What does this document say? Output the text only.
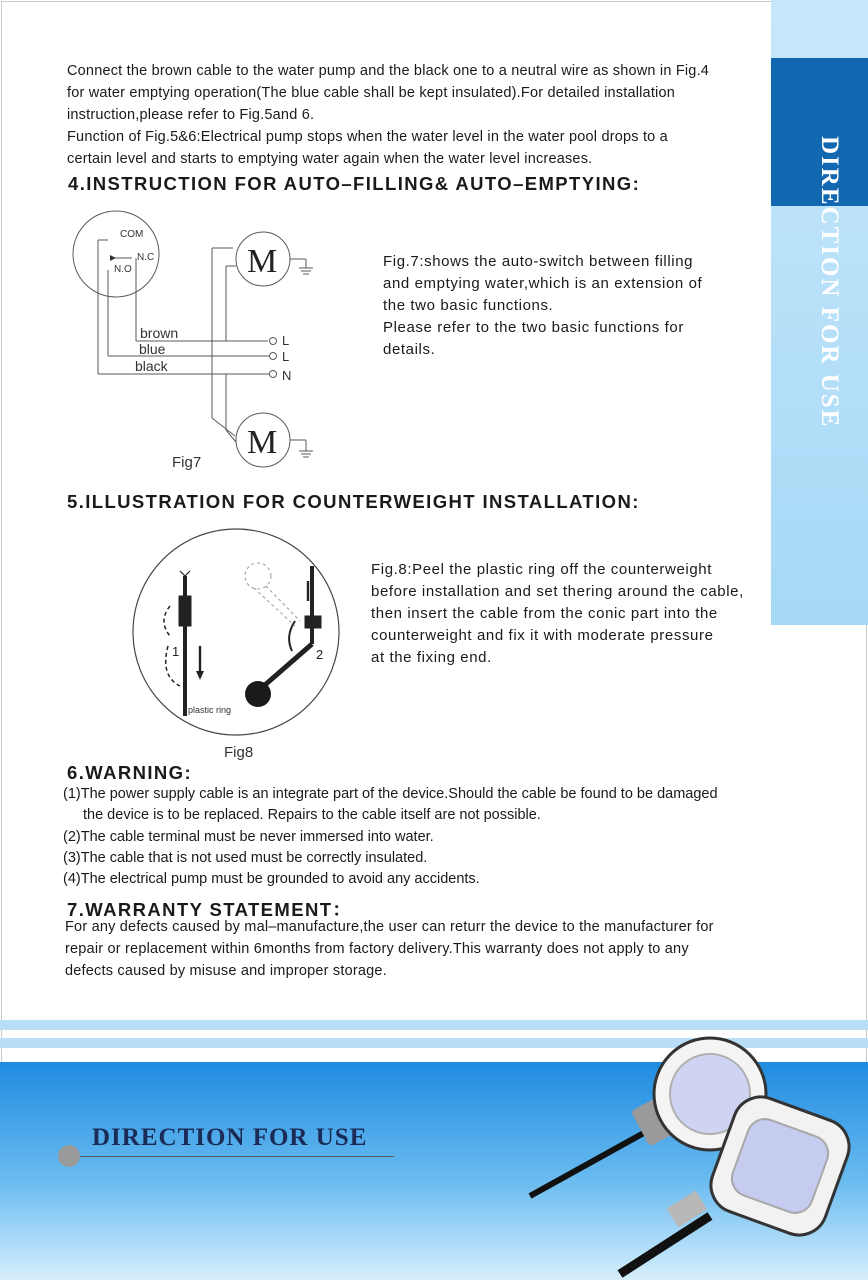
DIRECTION FOR USE
Connect the brown cable to the water pump and the black one to a neutral wire as shown in Fig.4
for water emptying operation(The blue cable shall be kept insulated).For detailed installation
instruction,please refer to Fig.5and 6.
Function of Fig.5&6:Electrical pump stops when the water level in the water pool drops to a
certain level and starts to emptying water again when the water level increases.
4.INSTRUCTION FOR AUTO–FILLING& AUTO–EMPTYING:
COM
N.C
N.O
brown
blue
black
L
L
N
M
M
Fig7
Fig.7:shows the auto-switch between filling
and emptying water,which is an extension of
the two basic functions.
Please refer to the two basic functions for
details.
5.ILLUSTRATION FOR COUNTERWEIGHT INSTALLATION:
1	2
plastic ring
Fig8
Fig.8:Peel the plastic ring off the counterweight
before installation and set thering around the cable,
then insert the cable from the conic part into the
counterweight and fix it with moderate pressure
at the fixing end.
6.WARNING:
(1)The power supply cable is an integrate part of the device.Should the cable be found to be damaged
the device is to be replaced. Repairs to the cable itself are not possible.
(2)The cable terminal must be never immersed into water.
(3)The cable that is not used must be correctly insulated.
(4)The electrical pump must be grounded to avoid any accidents.
7.WARRANTY STATEMENT：
For any defects caused by mal–manufacture,the user can returr the device to the manufacturer for
repair or replacement within 6months from factory delivery.This warranty does not apply to any
defects caused by misuse and improper storage.
DIRECTION FOR USE
